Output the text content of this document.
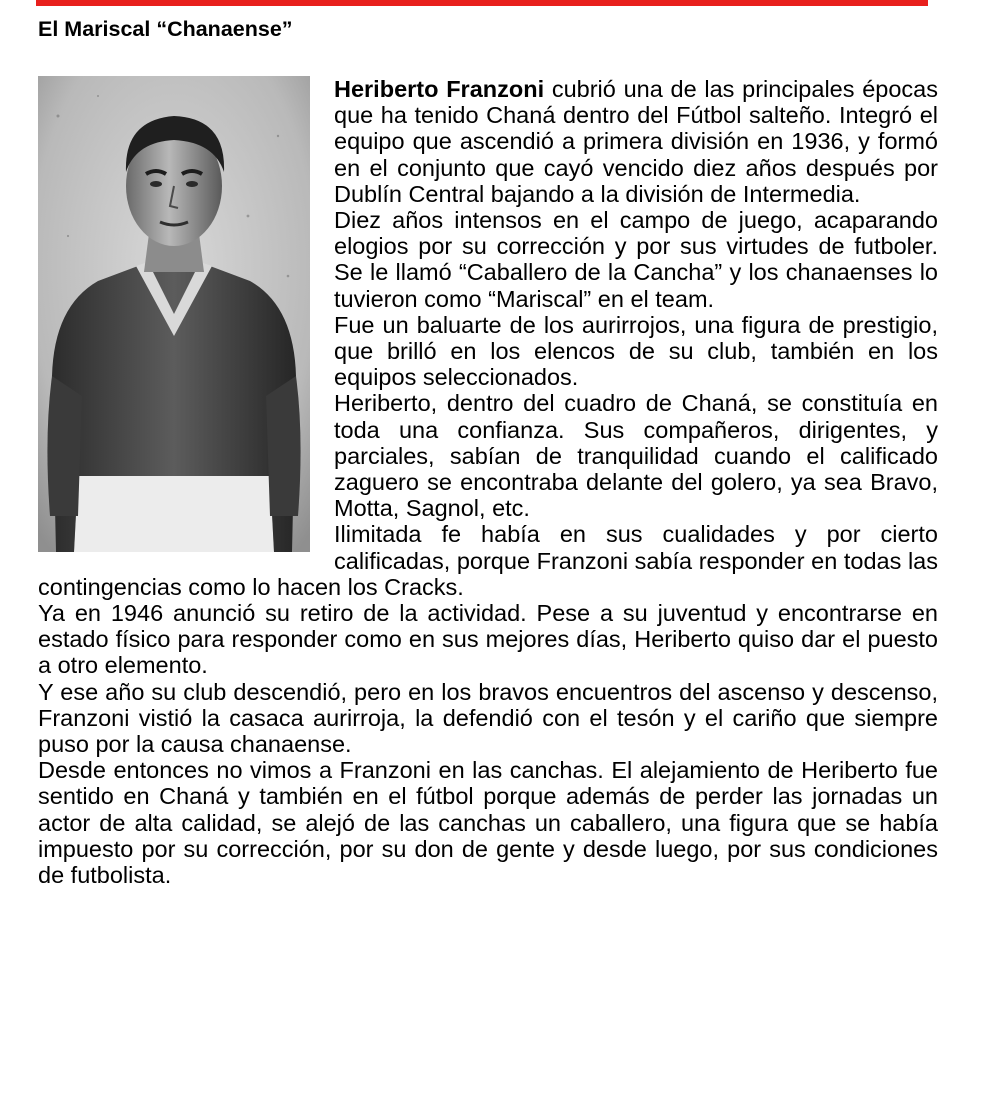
El Mariscal “Chanaense”

Heriberto Franzoni cubrió una de las principales épocas que ha tenido Chaná dentro del Fútbol salteño. Integró el equipo que ascendió a primera división en 1936, y formó en el conjunto que cayó vencido diez años después por Dublín Central bajando a la división de Intermedia.

Diez años intensos en el campo de juego, acaparando elogios por su corrección y por sus virtudes de futboler. Se le llamó “Caballero de la Cancha” y los chanaenses lo tuvieron como “Mariscal” en el team.

Fue un baluarte de los aurirrojos, una figura de prestigio, que brilló en los elencos de su club, también en los equipos seleccionados.

Heriberto, dentro del cuadro de Chaná, se constituía en toda una confianza. Sus compañeros, dirigentes, y parciales, sabían de tranquilidad cuando el calificado zaguero se encontraba delante del golero, ya sea Bravo, Motta, Sagnol, etc.

Ilimitada fe había en sus cualidades y por cierto calificadas, porque Franzoni sabía responder en todas las contingencias como lo hacen los Cracks.

Ya en 1946 anunció su retiro de la actividad. Pese a su juventud y encontrarse en estado físico para responder como en sus mejores días, Heriberto quiso dar el puesto a otro elemento.

Y ese año su club descendió, pero en los bravos encuentros del ascenso y descenso, Franzoni vistió la casaca aurirroja, la defendió con el tesón y el cariño que siempre puso por la causa chanaense.

Desde entonces no vimos a Franzoni en las canchas. El alejamiento de Heriberto fue sentido en Chaná y también en el fútbol porque además de perder las jornadas un actor de alta calidad, se alejó de las canchas un caballero, una figura que se había impuesto por su corrección, por su don de gente y desde luego, por sus condiciones de futbolista.
